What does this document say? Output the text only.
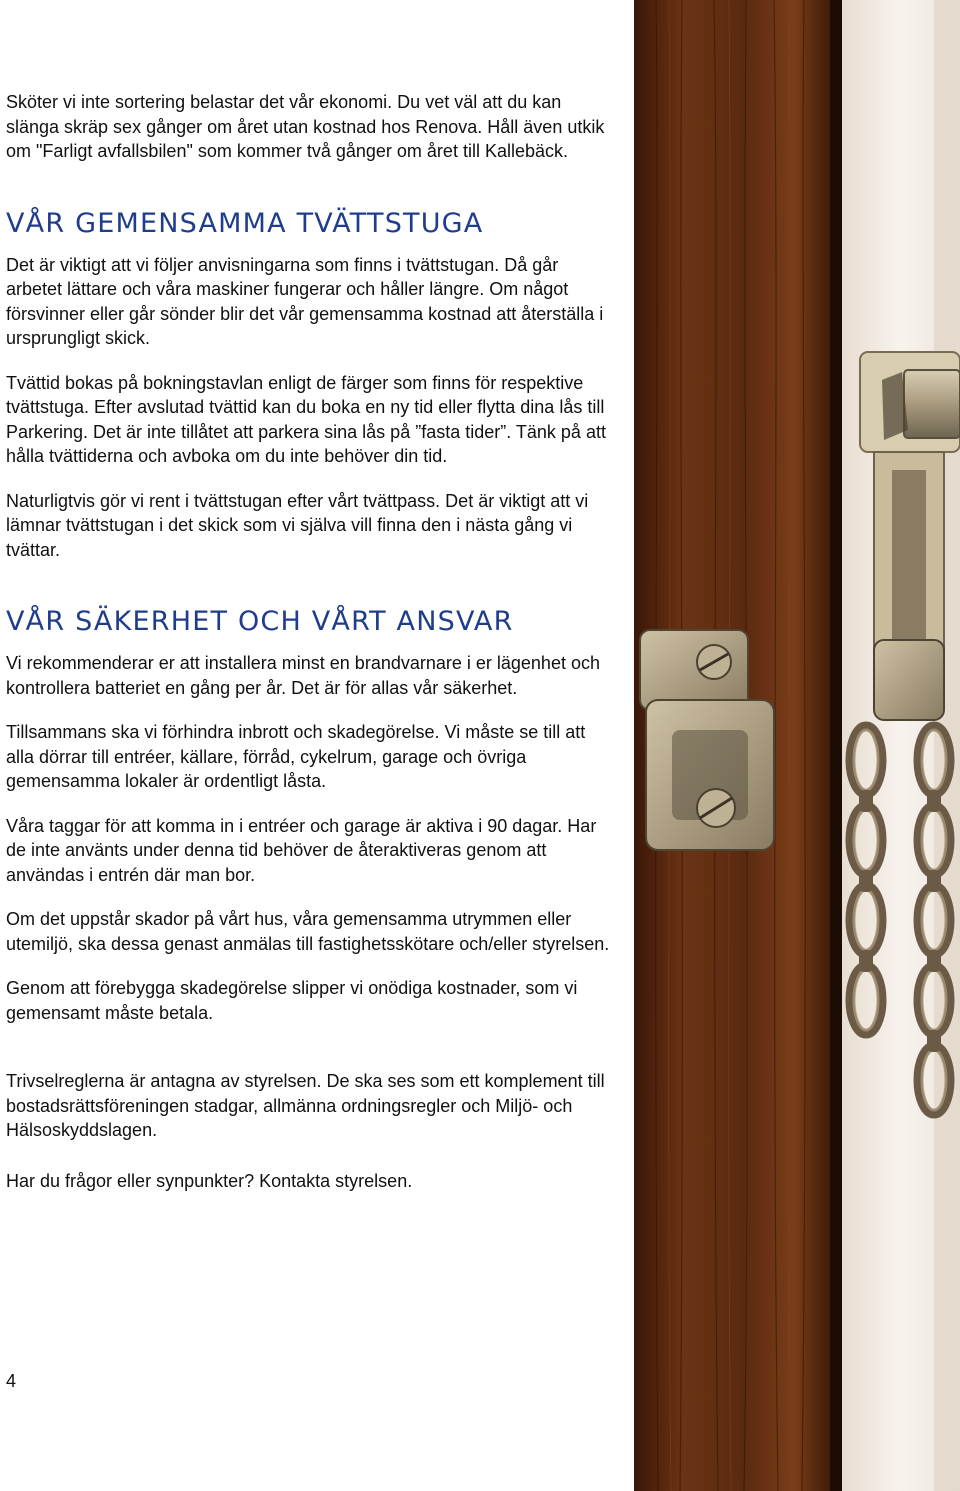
Sköter vi inte sortering belastar det vår ekonomi. Du vet väl att du kan slänga skräp sex gånger om året utan kostnad hos Renova. Håll även utkik om "Farligt avfallsbilen" som kommer två gånger om året till Kallebäck.

VÅR GEMENSAMMA TVÄTTSTUGA

Det är viktigt att vi följer anvisningarna som finns i tvättstugan. Då går arbetet lättare och våra maskiner fungerar och håller längre. Om något försvinner eller går sönder blir det vår gemensamma kostnad att återställa i ursprungligt skick.

Tvättid bokas på bokningstavlan enligt de färger som finns för respektive tvättstuga. Efter avslutad tvättid kan du boka en ny tid eller flytta dina lås till Parkering. Det är inte tillåtet att parkera sina lås på ”fasta tider”. Tänk på att hålla tvättiderna och avboka om du inte behöver din tid.

Naturligtvis gör vi rent i tvättstugan efter vårt tvättpass. Det är viktigt att vi lämnar tvättstugan i det skick som vi själva vill finna den i nästa gång vi tvättar.

VÅR SÄKERHET OCH VÅRT ANSVAR

Vi rekommenderar er att installera minst en brandvarnare i er lägenhet och kontrollera batteriet en gång per år. Det är för allas vår säkerhet.

Tillsammans ska vi förhindra inbrott och skadegörelse. Vi måste se till att alla dörrar till entréer, källare, förråd, cykelrum, garage och övriga gemensamma lokaler är ordentligt låsta.

Våra taggar för att komma in i entréer och garage är aktiva i 90 dagar. Har de inte använts under denna tid behöver de återaktiveras genom att användas i entrén där man bor.

Om det uppstår skador på vårt hus, våra gemensamma utrymmen eller utemiljö, ska dessa genast anmälas till fastighetsskötare och/eller styrelsen.

Genom att förebygga skadegörelse slipper vi onödiga kostnader, som vi gemensamt måste betala.

Trivselreglerna är antagna av styrelsen. De ska ses som ett komplement till bostadsrättsföreningen stadgar, allmänna ordningsregler och Miljö- och Hälsoskyddslagen.

Har du frågor eller synpunkter? Kontakta styrelsen.

4
